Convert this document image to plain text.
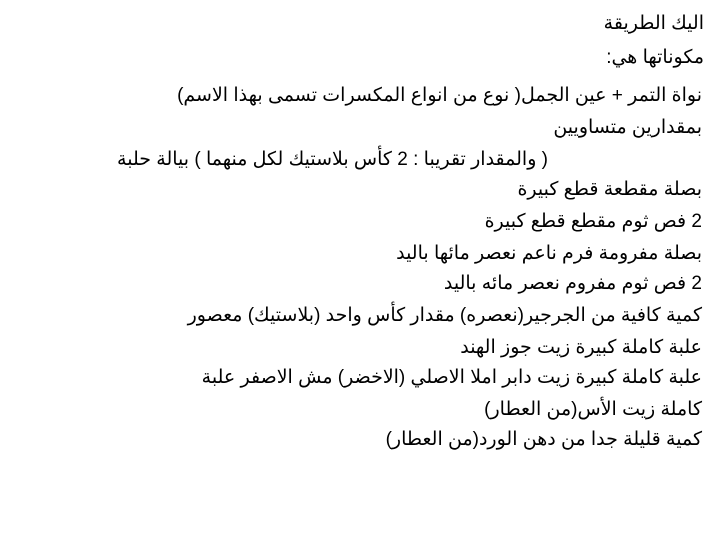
اليك الطريقة
مكوناتها هي:
نواة التمر + عين الجمل( نوع من انواع المكسرات تسمى بهذا الاسم)
بمقدارين متساويين
( والمقدار تقريبا : 2 كأس بلاستيك لكل منهما ) بيالة حلبة
بصلة مقطعة قطع كبيرة
2 فص ثوم مقطع قطع كبيرة
بصلة مفرومة فرم ناعم نعصر مائها باليد
2 فص ثوم مفروم نعصر مائه باليد
كمية كافية من الجرجير(نعصره) مقدار كأس واحد (بلاستيك) معصور
علبة كاملة كبيرة زيت جوز الهند
علبة كاملة كبيرة زيت دابر املا الاصلي (الاخضر) مش الاصفر علبة
كاملة زيت الأس(من العطار)
كمية قليلة جدا من دهن الورد(من العطار)
